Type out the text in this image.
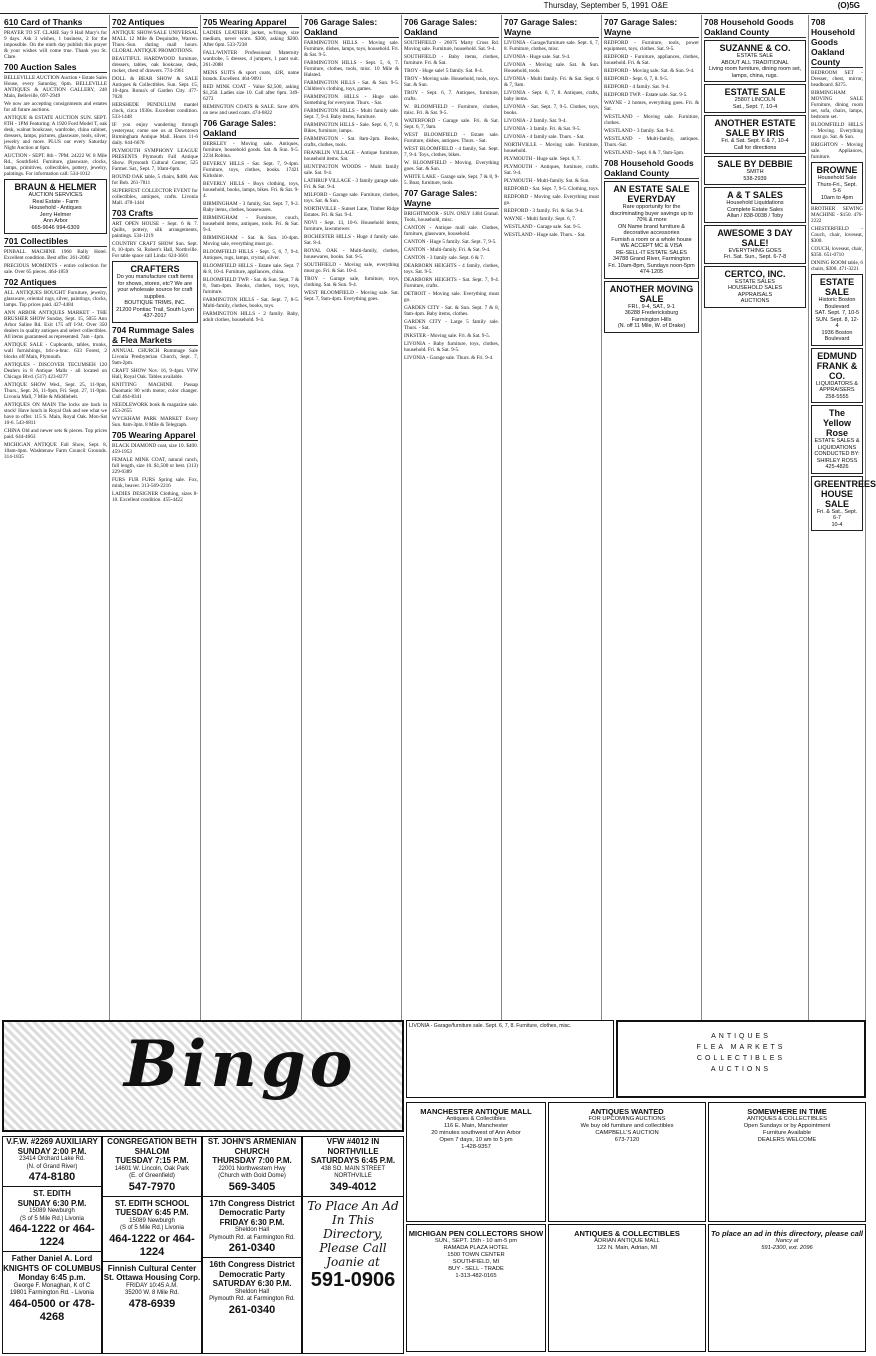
Thursday, September 5, 1991 O&E	(O)5G
610 Card of Thanks

PRAYER TO ST. CLARE Say 9 Hail Mary's for 9 days. Ask 3 wishes, 1 business, 2 for the impossible. On the ninth day publish this prayer & your wishes will come true. Thank you St. Clare.

700 Auction Sales

BELLEVILLE AUCTION Auction • Estate Sales House, every Saturday, 6pm. BELLEVILLE ANTIQUES & AUCTION GALLERY, 248 Main, Belleville, 697-2949

We now are accepting consignments and estates for all future auctions.

ANTIQUE & ESTATE AUCTION SUN. SEPT. 8TH - 1PM Featuring: A 1920 Ford Model T, oak desk, walnut bookcase, wardrobe, china cabinet, dressers, lamps, pictures, glassware, tools, silver, jewelry and more. PLUS our every Saturday Night Auction at 6pm.

AUCTION - SEPT. 8th - 7PM. 24222 W. 8 Mile Rd., Southfield. Furniture, glassware, clocks, lamps, primitives, collectibles, pottery, jewelry, paintings. For information call: 534-1012

BRAUN & HELMER
AUCTION SERVICES
Real Estate - Farm
Household - Antiques
Jerry Helmer
Ann Arbor
665-9646 994-6309
701 Collectibles

PINBALL MACHINE 1960 Bally Hotel. Excellent condition. Best offer. 261-2082

PRECIOUS MOMENTS - entire collection for sale. Over 65 pieces. 464-1859

702 Antiques

ALL ANTIQUES BOUGHT Furniture, jewelry, glassware, oriental rugs, silver, paintings, clocks, lamps. Top prices paid. 427-4484

ANN ARBOR ANTIQUES MARKET - THE BRUSHER SHOW Sunday, Sept. 15, 5055 Ann Arbor Saline Rd. Exit 175 off I-94. Over 350 dealers in quality antiques and select collectibles. All items guaranteed as represented. 7am - 4pm.

ANTIQUE SALE - Cupboards, tables, trunks, wall furnishings, bric-a-brac. 633 Forest, 2 blocks off Main, Plymouth.

ANTIQUES - DISCOVER TECUMSEH 120 Dealers in 8 Antique Malls - all located on Chicago Blvd. (517) 423-8277

ANTIQUE SHOW Wed., Sept. 25, 11-9pm, Thurs., Sept. 26, 11-9pm, Fri. Sept. 27, 11-9pm. Livonia Mall, 7 Mile & Middlebelt.

ANTIQUES ON MAIN The locks are back in stock! Have lunch in Royal Oak and see what we have to offer. 115 S. Main, Royal Oak. Mon-Sat 10-6. 543-6811

CHINA Old and newer sets & pieces. Top prices paid. 644-4663

MICHIGAN ANTIQUE Fall Show, Sept. 8, 10am-4pm. Washtenaw Farm Council Grounds. 314-1835

702 Antiques

ANTIQUE SHOW/SALE UNIVERSAL MALL 12 Mile & Dequindre, Warren. Thurs.-Sun. during mall hours. GLOBAL ANTIQUE PROMOTIONS.

BEAUTIFUL HARDWOOD furniture, dressers, tables, oak bookcase, desk, rocker, chest of drawers. 774-1961

DOLL & BEAR SHOW & SALE Antiques & Collectibles. Sun. Sept. 15, 10-4pm. Roma's of Garden City. 477-7020

HERSHEDE PENDULUM mantel clock, circa 1930s. Excellent condition. 533-1448

IF you enjoy wandering through yesteryear, come see us at Downtown Birmingham Antique Mall. Hours 11-6 daily. 644-6676

PLYMOUTH SYMPHONY LEAGUE PRESENTS Plymouth Fall Antique Show. Plymouth Cultural Center, 525 Farmer. Sat., Sept. 7, 10am-6pm.

ROUND OAK table, 5 chairs, $400. Ask for Bob. 261-7811

SUPERFEST COLLECTOR EVENT for collectibles, antiques, crafts. Livonia Mall. 478-1444

703 Crafts

ART OPEN HOUSE - Sept. 6 & 7. Quilts, pottery, silk arrangements, paintings. 534-1219

COUNTRY CRAFT SHOW Sun. Sept. 8, 10-4pm. St. Robert's Hall, Northville. For table space call Linda: 624-3601

CRAFTERS
Do you manufacture craft items for shows, stores, etc? We are your wholesale source for craft supplies.
BOUTIQUE TRIMS, INC.
21200 Pontiac Trail, South Lyon
437-2017
704 Rummage Sales & Flea Markets

ANNUAL CHURCH Rummage Sale Livonia Presbyterian Church, Sept. 7, 9am-2pm.

CRAFT SHOW Nov. 16, 9-4pm. VFW Hall, Royal Oak. Tables available.

KNITTING MACHINE Passap Duomatic 80 with motor, color changer. Call 464-8341

NEEDLEWORK book & magazine sale. 453-2655

WYCKHAM PARK MARKET Every Sun. 8am-3pm. 8 Mile & Telegraph.

705 Wearing Apparel

BLACK DIAMOND coat, size 10. $400. 459-1953

FEMALE MINK COAT, natural ranch, full length, size 10. $1,500 or best. (313) 229-0389

FURS FUR FURS Spring sale. Fox, mink, beaver. 313-569-2216

LADIES DESIGNER Clothing, sizes 8-10. Excellent condition. 455-4422

705 Wearing Apparel

LADIES LEATHER jacket, w/fringe, size medium, never worn. $300, asking $200. After 6pm. 533-7238

FALL/WINTER Professional Maternity wardrobe, 5 dresses, 4 jumpers, 1 pant suit. 261-2088

MENS SUITS & sport coats, 42R, name brands. Excellent. 464-9091

RED MINK COAT - Value $2,500, asking $1,250. Ladies size 10. Call after 6pm. 349-6273

REMINGTON COATS & SALE. Save 40% on new and used coats. 474-6822

706 Garage Sales: Oakland

BERKLEY - Moving sale. Antiques, furniture, household goods. Sat. & Sun. 9-5. 2234 Robina.

BEVERLY HILLS - Sat. Sept. 7, 9-4pm. Furniture, toys, clothes, books. 17421 Kirkshire.

BEVERLY HILLS - Boys clothing, toys, household, books, lamps, bikes. Fri. & Sat. 9-4.

BIRMINGHAM - 3 family, Sat. Sept. 7, 9-2. Baby items, clothes, housewares.

BIRMINGHAM - Furniture, couch, household items, antiques, tools. Fri. & Sat. 9-4.

BIRMINGHAM - Sat. & Sun. 10-4pm. Moving sale, everything must go.

BLOOMFIELD HILLS - Sept. 5, 6, 7, 9-4. Antiques, rugs, lamps, crystal, silver.

BLOOMFIELD HILLS - Estate sale. Sept. 7 & 8, 10-4. Furniture, appliances, china.

BLOOMFIELD TWP. - Sat. & Sun. Sept. 7 & 8, 9am-4pm. Books, clothes, toys, toys, furniture.

FARMINGTON HILLS - Sat. Sept. 7, 8-5. Multi-family, clothes, books, toys.

FARMINGTON HILLS - 2 family. Baby, adult clothes, household. 9-4.

706 Garage Sales: Oakland

FARMINGTON HILLS - Moving sale. Furniture, dishes, lamps, toys, household. Fri. & Sat. 9-5.

FARMINGTON HILLS - Sept. 5, 6, 7. Furniture, clothes, tools, misc. 10 Mile & Halsted.

FARMINGTON HILLS - Sat. & Sun. 9-5. Children's clothing, toys, games.

FARMINGTON HILLS - Huge sale. Something for everyone. Thurs. - Sat.

FARMINGTON HILLS - Multi family sale. Sept. 7, 9-4. Baby items, furniture.

FARMINGTON HILLS - Sale. Sept. 6, 7, 8. Bikes, furniture, lamps.

FARMINGTON - Sat. 8am-2pm. Books, crafts, clothes, tools.

FRANKLIN VILLAGE - Antique furniture, household items. Sat.

HUNTINGTON WOODS - Multi family sale. Sat. 9-4.

LATHRUP VILLAGE - 3 family garage sale. Fri. & Sat. 9-4.

MILFORD - Garage sale. Furniture, clothes, toys. Sat. & Sun.

NORTHVILLE - Sunset Lane, Timber Ridge Estates. Fri. & Sat. 9-4.

NOVI - Sept. 13, 10-6. Household items, furniture, lawnmower.

ROCHESTER HILLS - Huge 4 family sale. Sat. 8-4.

ROYAL OAK - Multi-family, clothes, housewares, books. Sat. 9-5.

SOUTHFIELD - Moving sale, everything must go. Fri. & Sat. 10-4.

TROY - Garage sale, furniture, toys, clothing. Sat. & Sun. 9-4.

WEST BLOOMFIELD - Moving sale. Sat. Sept. 7, 9am-4pm. Everything goes.

706 Garage Sales: Oakland

SOUTHFIELD - 26075 Marty Cross Rd. Moving sale. Furniture, household. Sat. 9-4.

SOUTHFIELD - Baby items, clothes, furniture. Fri. & Sat.

TROY - Huge sale! 5 family. Sat. 8-4.

TROY - Moving sale. Household, tools, toys. Sat. & Sun.

TROY - Sept. 6, 7. Antiques, furniture, crafts.

W. BLOOMFIELD - Furniture, clothes, misc. Fri. & Sat. 9-5.

WATERFORD - Garage sale. Fri. & Sat. Sept. 6, 7, 9am.

WEST BLOOMFIELD - Estate sale. Furniture, dishes, antiques. Thurs. - Sat.

WEST BLOOMFIELD - 4 family, Sat. Sept. 7, 9-4. Toys, clothes, bikes.

W. BLOOMFIELD - Moving. Everything goes. Sat. & Sun.

WHITE LAKE - Garage sale, Sept. 7 & 8, 9-5. Boat, furniture, tools.

707 Garage Sales: Wayne

BRIGHTMOOR - SUN. ONLY 1484 Granal. Tools, household, misc.

CANTON - Antique mall sale. Clothes, furniture, glassware, household.

CANTON - Huge 5 family. Sat. Sept. 7, 9-5.

CANTON - Multi-family. Fri. & Sat. 9-4.

CANTON - 3 family sale. Sept. 6 & 7.

DEARBORN HEIGHTS - 4 family, clothes, toys. Sat. 9-5.

DEARBORN HEIGHTS - Sat. Sept. 7, 9-4. Furniture, crafts.

DETROIT - Moving sale. Everything must go.

GARDEN CITY - Sat. & Sun. Sept. 7 & 8, 9am-4pm. Baby items, clothes.

GARDEN CITY - Large 5 family sale. Thurs. - Sat.

INKSTER - Moving sale. Fri. & Sat. 9-5.

LIVONIA - Baby furniture, toys, clothes, household. Fri. & Sat. 9-5.

LIVONIA - Garage sale. Thurs. & Fri. 9-4.

707 Garage Sales: Wayne

LIVONIA - Garage/furniture sale. Sept. 6, 7, 8. Furniture, clothes, misc.

LIVONIA - Huge sale. Sat. 9-4.

LIVONIA - Moving sale. Sat. & Sun. Household, tools.

LIVONIA - Multi family. Fri. & Sat. Sept. 6 & 7, 9am.

LIVONIA - Sept. 6, 7, 8. Antiques, crafts, baby items.

LIVONIA - Sat. Sept. 7, 9-5. Clothes, toys, books.

LIVONIA - 2 family. Sat. 9-4.

LIVONIA - 3 family. Fri. & Sat. 9-5.

LIVONIA - 4 family sale. Thurs. - Sat.

NORTHVILLE - Moving sale. Furniture, household.

PLYMOUTH - Huge sale. Sept. 6, 7.

PLYMOUTH - Antiques, furniture, crafts. Sat. 9-4.

PLYMOUTH - Multi-family. Sat. & Sun.

REDFORD - Sat. Sept. 7, 9-5. Clothing, toys.

REDFORD - Moving sale. Everything must go.

REDFORD - 3 family. Fri. & Sat. 9-4.

WAYNE - Multi family. Sept. 6, 7.

WESTLAND - Garage sale. Sat. 9-5.

WESTLAND - Huge sale. Thurs. - Sat.

707 Garage Sales: Wayne

REDFORD - Furniture, tools, power equipment, toys, clothes. Sat. 9-5.

REDFORD - Furniture, appliances, clothes, household. Fri. & Sat.

REDFORD - Moving sale. Sat. & Sun. 9-4.

REDFORD - Sept. 6, 7, 8. 9-5.

REDFORD - 4 family. Sat. 9-4.

REDFORD TWP. - Estate sale. Sat. 9-5.

WAYNE - 2 homes, everything goes. Fri. & Sat.

WESTLAND - Moving sale. Furniture, clothes.

WESTLAND - 3 family. Sat. 9-4.

WESTLAND - Multi-family, antiques. Thurs.-Sat.

WESTLAND - Sept. 6 & 7, 9am-5pm.

708 Household Goods Oakland County
AN ESTATE SALE EVERYDAY
Rare opportunity for the discriminating buyer savings up to 70% & more
ON Name brand furniture & decorative accessories
Furnish a room or a whole house
WE ACCEPT MC & VISA
RE-SELL-IT ESTATE SALES
34788 Grand River, Farmington
Fri. 10am-8pm, Sundays noon-5pm
474-1205
ANOTHER MOVING SALE
FRI., 9-4, SAT., 9-1
36288 Fredericksburg
Farmington Hills
(N. off 11 Mile, W. of Drake)
708 Household Goods Oakland County
SUZANNE & CO.
ESTATE SALE
ABOUT ALL TRADITIONAL
Living room furniture, dining room set, lamps, china, rugs.
ESTATE SALE
25807 LINCOLN
Sat., Sept. 7, 10-4
ANOTHER ESTATE SALE BY IRIS
Fri. & Sat. Sept. 6 & 7, 10-4
Call for directions
SALE BY DEBBIE
SMITH
538-2939
A & T SALES
Household Liquidations
Complete Estate Sales
Allan / 838-0038 / Toby
AWESOME 3 DAY SALE!
EVERYTHING GOES
Fri. Sat. Sun., Sept. 6-7-8
CERTCO, INC.
ESTATE SALES
HOUSEHOLD SALES
APPRAISALS
AUCTIONS
708 Household Goods Oakland County

BEDROOM SET - Dresser, chest, mirror, headboard. $375.

BIRMINGHAM MOVING SALE Furniture, dining room set, sofa, chairs, lamps, bedroom set.

BLOOMFIELD HILLS - Moving. Everything must go. Sat. & Sun.

BRIGHTON - Moving sale. Appliances, furniture.

BROWNE
Household Sale
Thurs-Fri., Sept. 5-6
10am to 4pm

BROTHER SEWING MACHINE - $150. 476-2222

CHESTERFIELD - Couch, chair, loveseat, $300.

COUCH, loveseat, chair, $350. 651-0710

DINING ROOM table, 6 chairs, $300. 471-3221

ESTATE SALE
Historic Boston Boulevard
SAT. Sept. 7, 10-5
SUN. Sept. 8, 12-4
1936 Boston Boulevard
EDMUND FRANK & CO.
LIQUIDATORS & APPRAISERS
258-5555
The Yellow Rose
ESTATE SALES & LIQUIDATIONS CONDUCTED BY:
SHIRLEY ROSS 425-4826
GREENTREES HOUSE SALE
Fri. & Sat., Sept. 6-7
10-4
Bingo
V.F.W. #2269 AUXILIARY
SUNDAY 2:00 P.M.
23414 Orchard Lake Rd.
(N. of Grand River)
474-8180
ST. EDITH
SUNDAY 6:30 P.M.
15089 Newburgh
(S of 5 Mile Rd.) Livonia
464-1222 or 464-1224
Father Daniel A. Lord KNIGHTS OF COLUMBUS
Monday 6:45 p.m.
George F. Monaghan, K of C
19801 Farmington Rd. - Livonia
464-0500 or 478-4268
CONGREGATION BETH SHALOM
TUESDAY 7:15 P.M.
14601 W. Lincoln, Oak Park
(E. of Greenfield)
547-7970
ST. EDITH SCHOOL
TUESDAY 6:45 P.M.
15089 Newburgh
(S of 5 Mile Rd.) Livonia
464-1222 or 464-1224
Finnish Cultural Center
St. Ottawa Housing Corp.
FRIDAY 10:45 A.M.
35200 W. 8 Mile Rd.
478-6939
ST. JOHN'S ARMENIAN CHURCH
THURSDAY 7:00 P.M.
22001 Northwestern Hwy
(Church with Gold Dome)
569-3405
17th Congress District Democratic Party
FRIDAY 6:30 P.M.
Sheldon Hall
Plymouth Rd. at Farmington Rd.
261-0340
16th Congress District Democratic Party
SATURDAY 6:30 P.M.
Sheldon Hall
Plymouth Rd. at Farmington Rd.
261-0340
VFW #4012 IN NORTHVILLE
SATURDAYS 6:45 P.M.
438 SO. MAIN STREET
NORTHVILLE
349-4012
To Place An Ad In This Directory, Please Call Joanie at
591-0906
LIVONIA - Garage/furniture sale. Sept. 6, 7, 8. Furniture, clothes, misc.
ANTIQUES
FLEA MARKETS
COLLECTIBLES
AUCTIONS
MANCHESTER ANTIQUE MALL
Antiques & Collectibles
116 E. Main, Manchester
20 minutes southwest of Ann Arbor
Open 7 days, 10 am to 5 pm
1-428-9357
ANTIQUES WANTED
FOR UPCOMING AUCTIONS
We buy old furniture and collectibles
CAMPBELL'S AUCTION
673-7120
SOMEWHERE IN TIME
ANTIQUES & COLLECTIBLES
Open Sundays or by Appointment
Furniture Available
DEALERS WELCOME
MICHIGAN PEN COLLECTORS SHOW
SUN., SEPT. 15th - 10 am-5 pm
RAMADA PLAZA HOTEL
1500 TOWN CENTER
SOUTHFIELD, MI
BUY - SELL - TRADE
1-313-482-0165
ANTIQUES & COLLECTIBLES
ADRIAN ANTIQUE MALL
122 N. Main, Adrian, MI
To place an ad in this directory, please call
Nancy at
591-2300, ext. 2096
